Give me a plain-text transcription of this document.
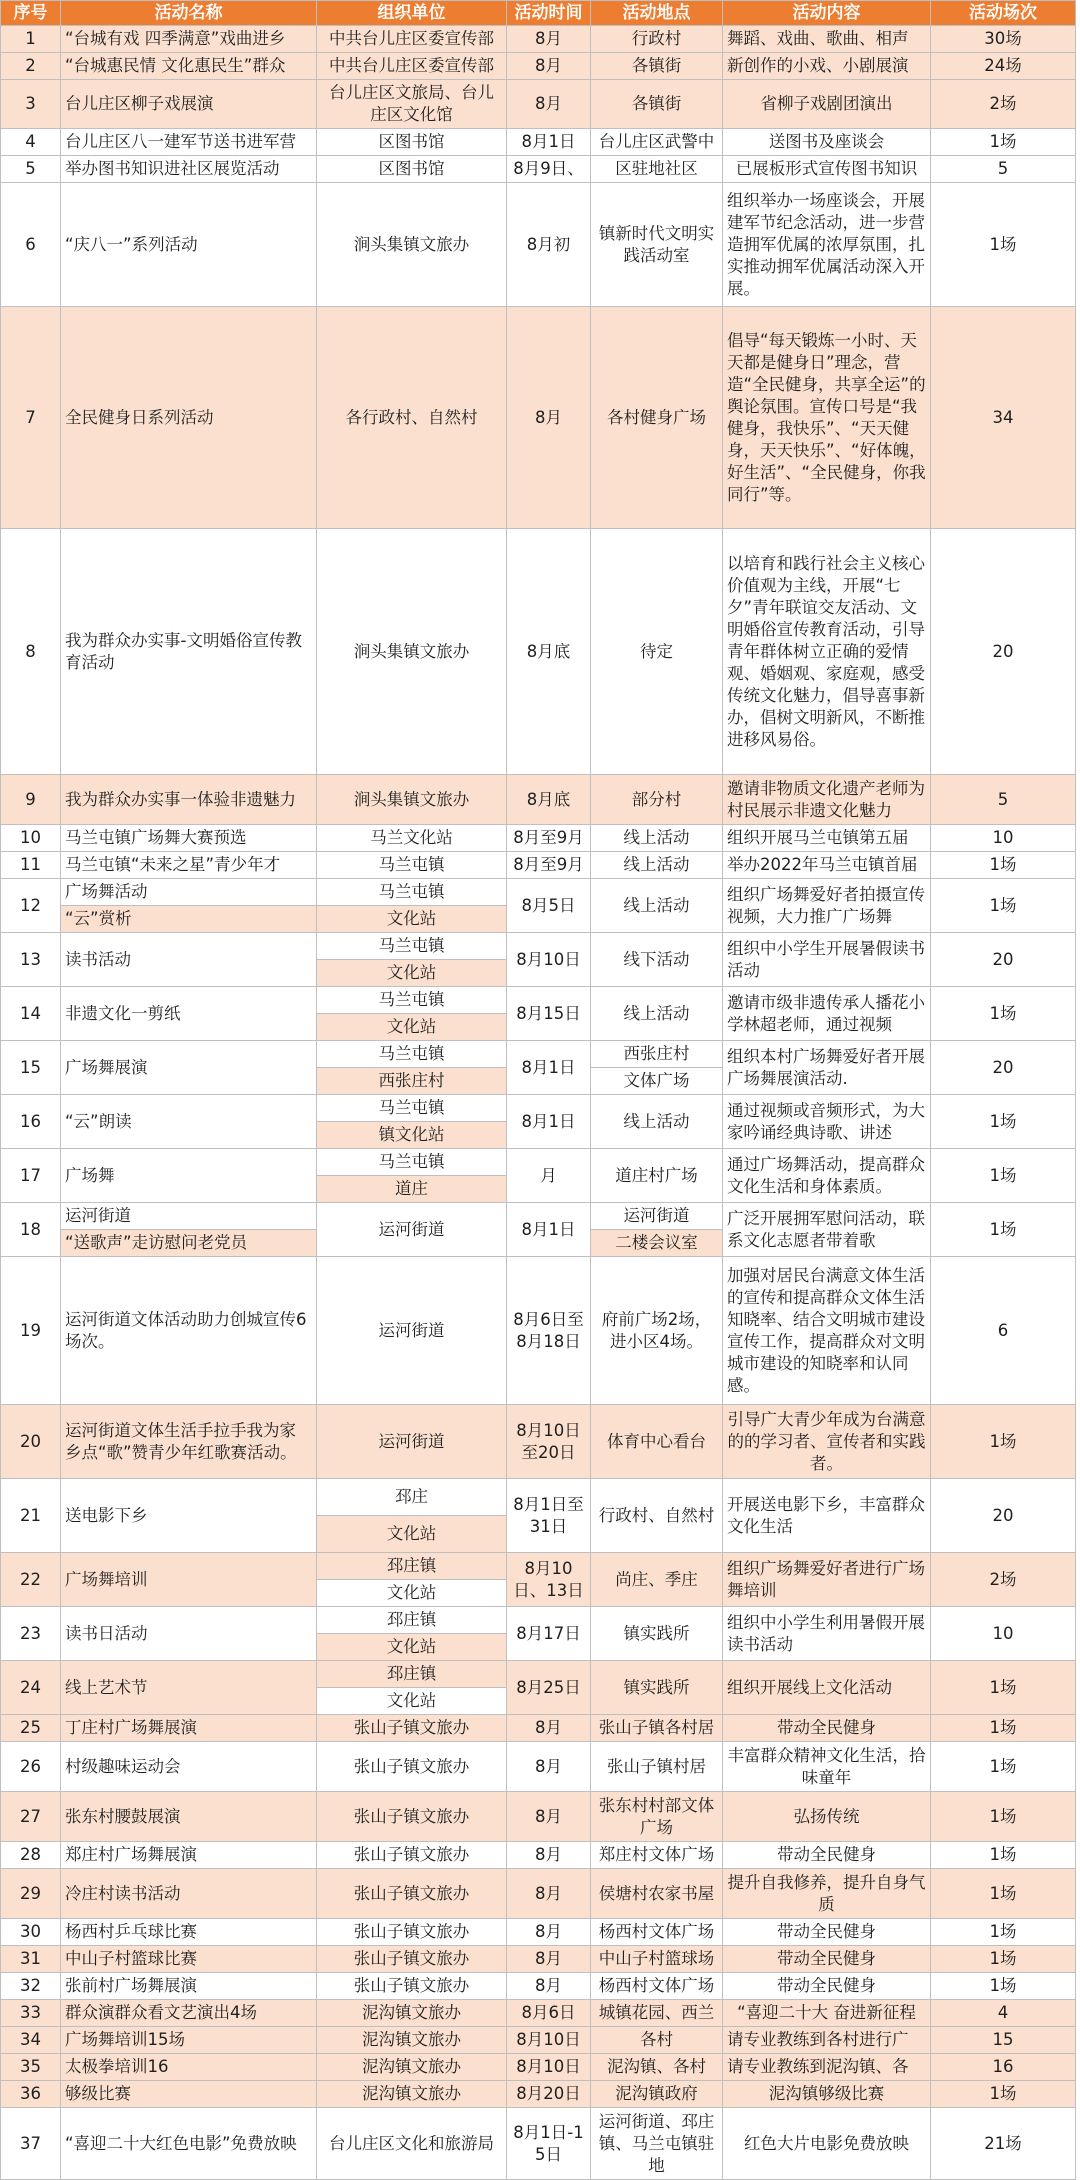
序号	活动名称	组织单位	活动时间	活动地点	活动内容	活动场次
1	“台城有戏 四季满意”戏曲进乡	中共台儿庄区委宣传部	8月	行政村	舞蹈、戏曲、歌曲、相声	30场
2	“台城惠民情 文化惠民生”群众	中共台儿庄区委宣传部	8月	各镇街	新创作的小戏、小剧展演	24场
3	台儿庄区柳子戏展演	台儿庄区文旅局、台儿庄区文化馆	8月	各镇街	省柳子戏剧团演出	2场
4	台儿庄区八一建军节送书进军营	区图书馆	8月1日	台儿庄区武警中	送图书及座谈会	1场
5	举办图书知识进社区展览活动	区图书馆	8月9日、	区驻地社区	已展板形式宣传图书知识	5
6	“庆八一”系列活动	涧头集镇文旅办	8月初	镇新时代文明实践活动室	组织举办一场座谈会，开展建军节纪念活动，进一步营造拥军优属的浓厚氛围，扎实推动拥军优属活动深入开展。	1场
7	全民健身日系列活动	各行政村、自然村	8月	各村健身广场	倡导“每天锻炼一小时、天天都是健身日”理念，营造“全民健身，共享全运”的舆论氛围。宣传口号是“我健身，我快乐”、“天天健身，天天快乐”、“好体魄，好生活”、“全民健身，你我同行”等。	34
8	我为群众办实事-文明婚俗宣传教育活动	涧头集镇文旅办	8月底	待定	以培育和践行社会主义核心价值观为主线，开展“七夕”青年联谊交友活动、文明婚俗宣传教育活动，引导青年群体树立正确的爱情观、婚姻观、家庭观，感受传统文化魅力，倡导喜事新办，倡树文明新风，不断推进移风易俗。	20
9	我为群众办实事一体验非遗魅力	涧头集镇文旅办	8月底	部分村	邀请非物质文化遗产老师为村民展示非遗文化魅力	5
10	马兰屯镇广场舞大赛预选	马兰文化站	8月至9月	线上活动	组织开展马兰屯镇第五届	10
11	马兰屯镇“未来之星”青少年才	马兰屯镇	8月至9月	线上活动	举办2022年马兰屯镇首届	1场
12	广场舞活动	马兰屯镇	8月5日	线上活动	组织广场舞爱好者拍摄宣传视频，大力推广广场舞	1场
	“云”赏析	文化站				
13	读书活动	马兰屯镇	8月10日	线下活动	组织中小学生开展暑假读书活动	20
		文化站				
14	非遗文化一剪纸	马兰屯镇	8月15日	线上活动	邀请市级非遗传承人播花小学林超老师，通过视频	1场
		文化站				
15	广场舞展演	马兰屯镇	8月1日	西张庄村	组织本村广场舞爱好者开展广场舞展演活动.	20
		西张庄村		文体广场		
16	“云”朗读	马兰屯镇	8月1日	线上活动	通过视频或音频形式，为大家吟诵经典诗歌、讲述	1场
		镇文化站				
17	广场舞	马兰屯镇	月	道庄村广场	通过广场舞活动，提高群众文化生活和身体素质。	1场
		道庄				
18	运河街道	运河街道	8月1日	运河街道	广泛开展拥军慰问活动，联系文化志愿者带着歌	1场
	“送歌声”走访慰问老党员			二楼会议室		
19	运河街道文体活动助力创城宣传6场次。	运河街道	8月6日至8月18日	府前广场2场，进小区4场。	加强对居民台满意文体生活的宣传和提高群众文体生活知晓率、结合文明城市建设宣传工作，提高群众对文明城市建设的知晓率和认同感。	6
20	运河街道文体生活手拉手我为家乡点“歌”赞青少年红歌赛活动。	运河街道	8月10日至20日	体育中心看台	引导广大青少年成为台满意的的学习者、宣传者和实践者。	1场
21	送电影下乡	邳庄	8月1日至31日	行政村、自然村	开展送电影下乡，丰富群众文化生活	20
		文化站				
22	广场舞培训	邳庄镇	8月10日、13日	尚庄、季庄	组织广场舞爱好者进行广场舞培训	2场
		文化站				
23	读书日活动	邳庄镇	8月17日	镇实践所	组织中小学生利用暑假开展读书活动	10
		文化站				
24	线上艺术节	邳庄镇	8月25日	镇实践所	组织开展线上文化活动	1场
		文化站				
25	丁庄村广场舞展演	张山子镇文旅办	8月	张山子镇各村居	带动全民健身	1场
26	村级趣味运动会	张山子镇文旅办	8月	张山子镇村居	丰富群众精神文化生活，拾味童年	1场
27	张东村腰鼓展演	张山子镇文旅办	8月	张东村村部文体广场	弘扬传统	1场
28	郑庄村广场舞展演	张山子镇文旅办	8月	郑庄村文体广场	带动全民健身	1场
29	冷庄村读书活动	张山子镇文旅办	8月	侯塘村农家书屋	提升自我修养，提升自身气质	1场
30	杨西村乒乓球比赛	张山子镇文旅办	8月	杨西村文体广场	带动全民健身	1场
31	中山子村篮球比赛	张山子镇文旅办	8月	中山子村篮球场	带动全民健身	1场
32	张前村广场舞展演	张山子镇文旅办	8月	杨西村文体广场	带动全民健身	1场
33	群众演群众看文艺演出4场	泥沟镇文旅办	8月6日	城镇花园、西兰	“喜迎二十大 奋进新征程	4
34	广场舞培训15场	泥沟镇文旅办	8月10日	各村	请专业教练到各村进行广	15
35	太极拳培训16	泥沟镇文旅办	8月10日	泥沟镇、各村	请专业教练到泥沟镇、各	16
36	够级比赛	泥沟镇文旅办	8月20日	泥沟镇政府	泥沟镇够级比赛	1场
37	“喜迎二十大红色电影”免费放映	台儿庄区文化和旅游局	8月1日-15日	运河街道、邳庄镇、马兰屯镇驻地	红色大片电影免费放映	21场
